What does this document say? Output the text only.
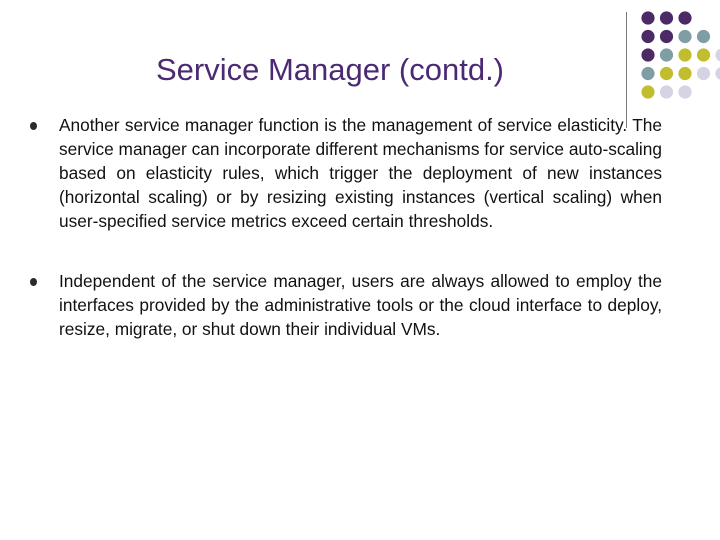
Service Manager (contd.)
Another service manager function is the management of service elasticity. The service manager can incorporate different mechanisms for service auto-scaling based on elasticity rules, which trigger the deployment of new instances (horizontal scaling) or by resizing existing instances (vertical scaling) when user-specified service metrics exceed certain thresholds.
Independent of the service manager, users are always allowed to employ the interfaces provided by the administrative tools or the cloud interface to deploy, resize, migrate, or shut down their individual VMs.
